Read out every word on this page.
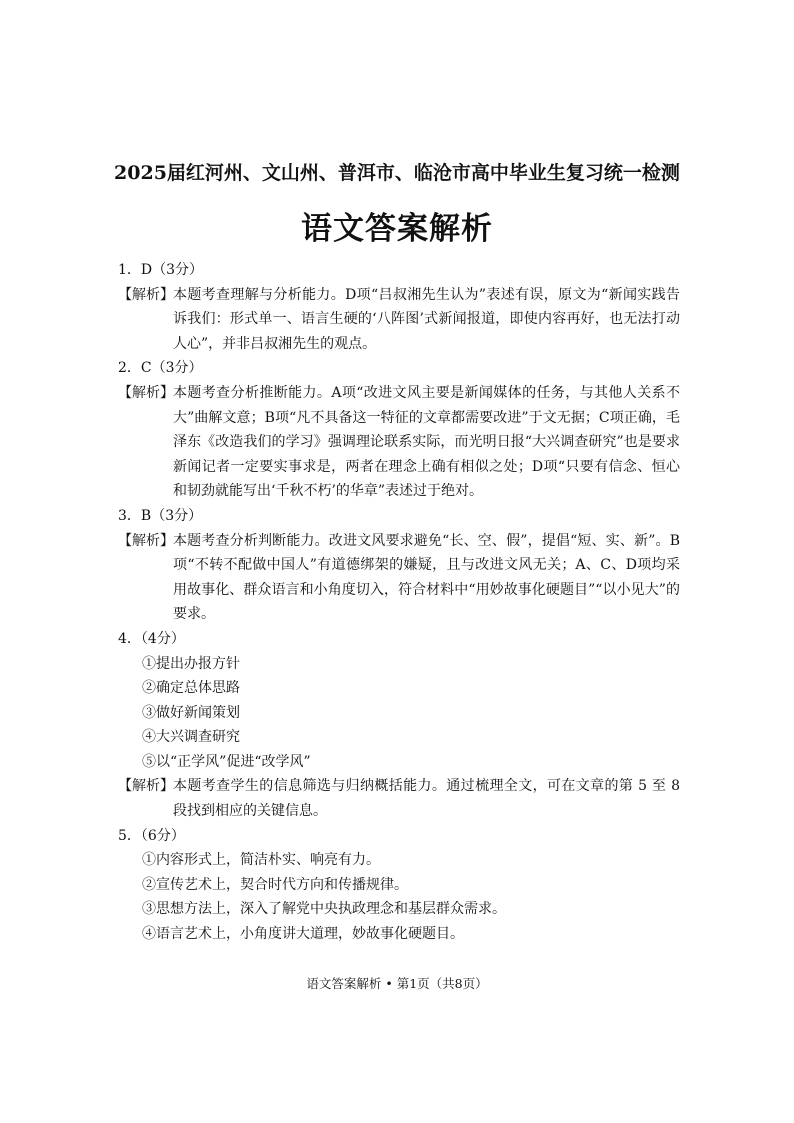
2025届红河州、文山州、普洱市、临沧市高中毕业生复习统一检测
语文答案解析

1．D（3分）

【解析】 本题考查理解与分析能力。D项“吕叔湘先生认为”表述有误，原文为“新闻实践告诉我们：形式单一、语言生硬的‘八阵图’式新闻报道，即使内容再好，也无法打动人心”，并非吕叔湘先生的观点。

2．C（3分）

【解析】 本题考查分析推断能力。A项“改进文风主要是新闻媒体的任务，与其他人关系不大”曲解文意；B项“凡不具备这一特征的文章都需要改进”于文无据；C项正确，毛泽东《改造我们的学习》强调理论联系实际，而光明日报“大兴调查研究”也是要求新闻记者一定要实事求是，两者在理念上确有相似之处；D项“只要有信念、恒心和韧劲就能写出‘千秋不朽’的华章”表述过于绝对。

3．B（3分）

【解析】 本题考查分析判断能力。改进文风要求避免“长、空、假”，提倡“短、实、新”。B项“不转不配做中国人”有道德绑架的嫌疑，且与改进文风无关；A、C、D项均采用故事化、群众语言和小角度切入，符合材料中“用妙故事化硬题目”“以小见大”的要求。

4．（4分）

①提出办报方针

②确定总体思路

③做好新闻策划

④大兴调查研究

⑤以“正学风”促进“改学风”

【解析】 本题考查学生的信息筛选与归纳概括能力。通过梳理全文，可在文章的第 5 至 8 段找到相应的关键信息。

5．（6分）

①内容形式上，简洁朴实、响亮有力。

②宣传艺术上，契合时代方向和传播规律。

③思想方法上，深入了解党中央执政理念和基层群众需求。

④语言艺术上，小角度讲大道理，妙故事化硬题目。

语文答案解析 • 第1页（共8页）
